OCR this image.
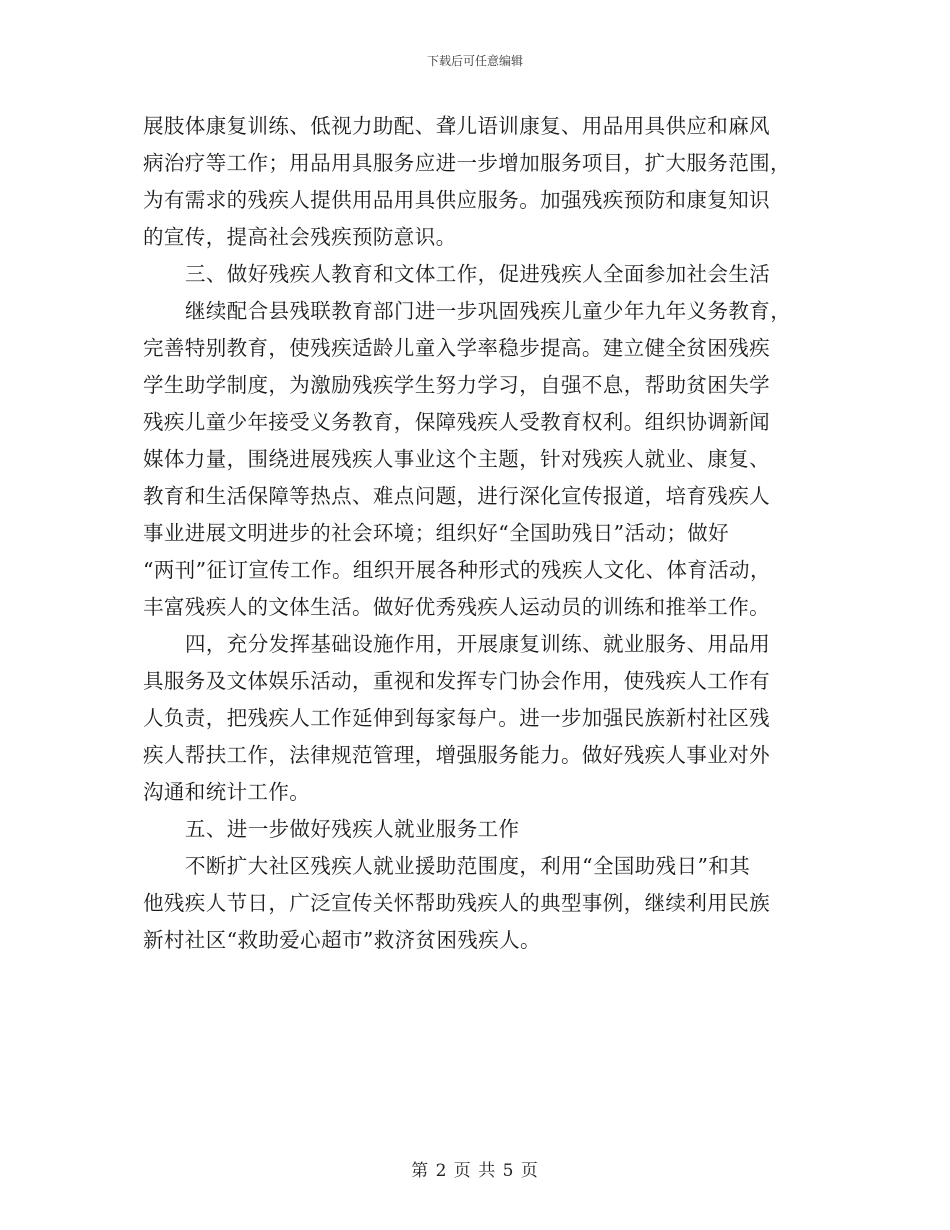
下载后可任意编辑
展肢体康复训练、低视力助配、聋儿语训康复、用品用具供应和麻风
病治疗等工作；用品用具服务应进一步增加服务项目，扩大服务范围，
为有需求的残疾人提供用品用具供应服务。加强残疾预防和康复知识
的宣传，提高社会残疾预防意识。
三、做好残疾人教育和文体工作，促进残疾人全面参加社会生活
继续配合县残联教育部门进一步巩固残疾儿童少年九年义务教育，
完善特别教育，使残疾适龄儿童入学率稳步提高。建立健全贫困残疾
学生助学制度，为激励残疾学生努力学习，自强不息，帮助贫困失学
残疾儿童少年接受义务教育，保障残疾人受教育权利。组织协调新闻
媒体力量，围绕进展残疾人事业这个主题，针对残疾人就业、康复、
教育和生活保障等热点、难点问题，进行深化宣传报道，培育残疾人
事业进展文明进步的社会环境；组织好“全国助残日”活动；做好
“两刊”征订宣传工作。组织开展各种形式的残疾人文化、体育活动，
丰富残疾人的文体生活。做好优秀残疾人运动员的训练和推举工作。
四，充分发挥基础设施作用，开展康复训练、就业服务、用品用
具服务及文体娱乐活动，重视和发挥专门协会作用，使残疾人工作有
人负责，把残疾人工作延伸到每家每户。进一步加强民族新村社区残
疾人帮扶工作，法律规范管理，增强服务能力。做好残疾人事业对外
沟通和统计工作。
五、进一步做好残疾人就业服务工作
不断扩大社区残疾人就业援助范围度，利用“全国助残日”和其
他残疾人节日，广泛宣传关怀帮助残疾人的典型事例，继续利用民族
新村社区“救助爱心超市”救济贫困残疾人。
第 2 页 共 5 页
